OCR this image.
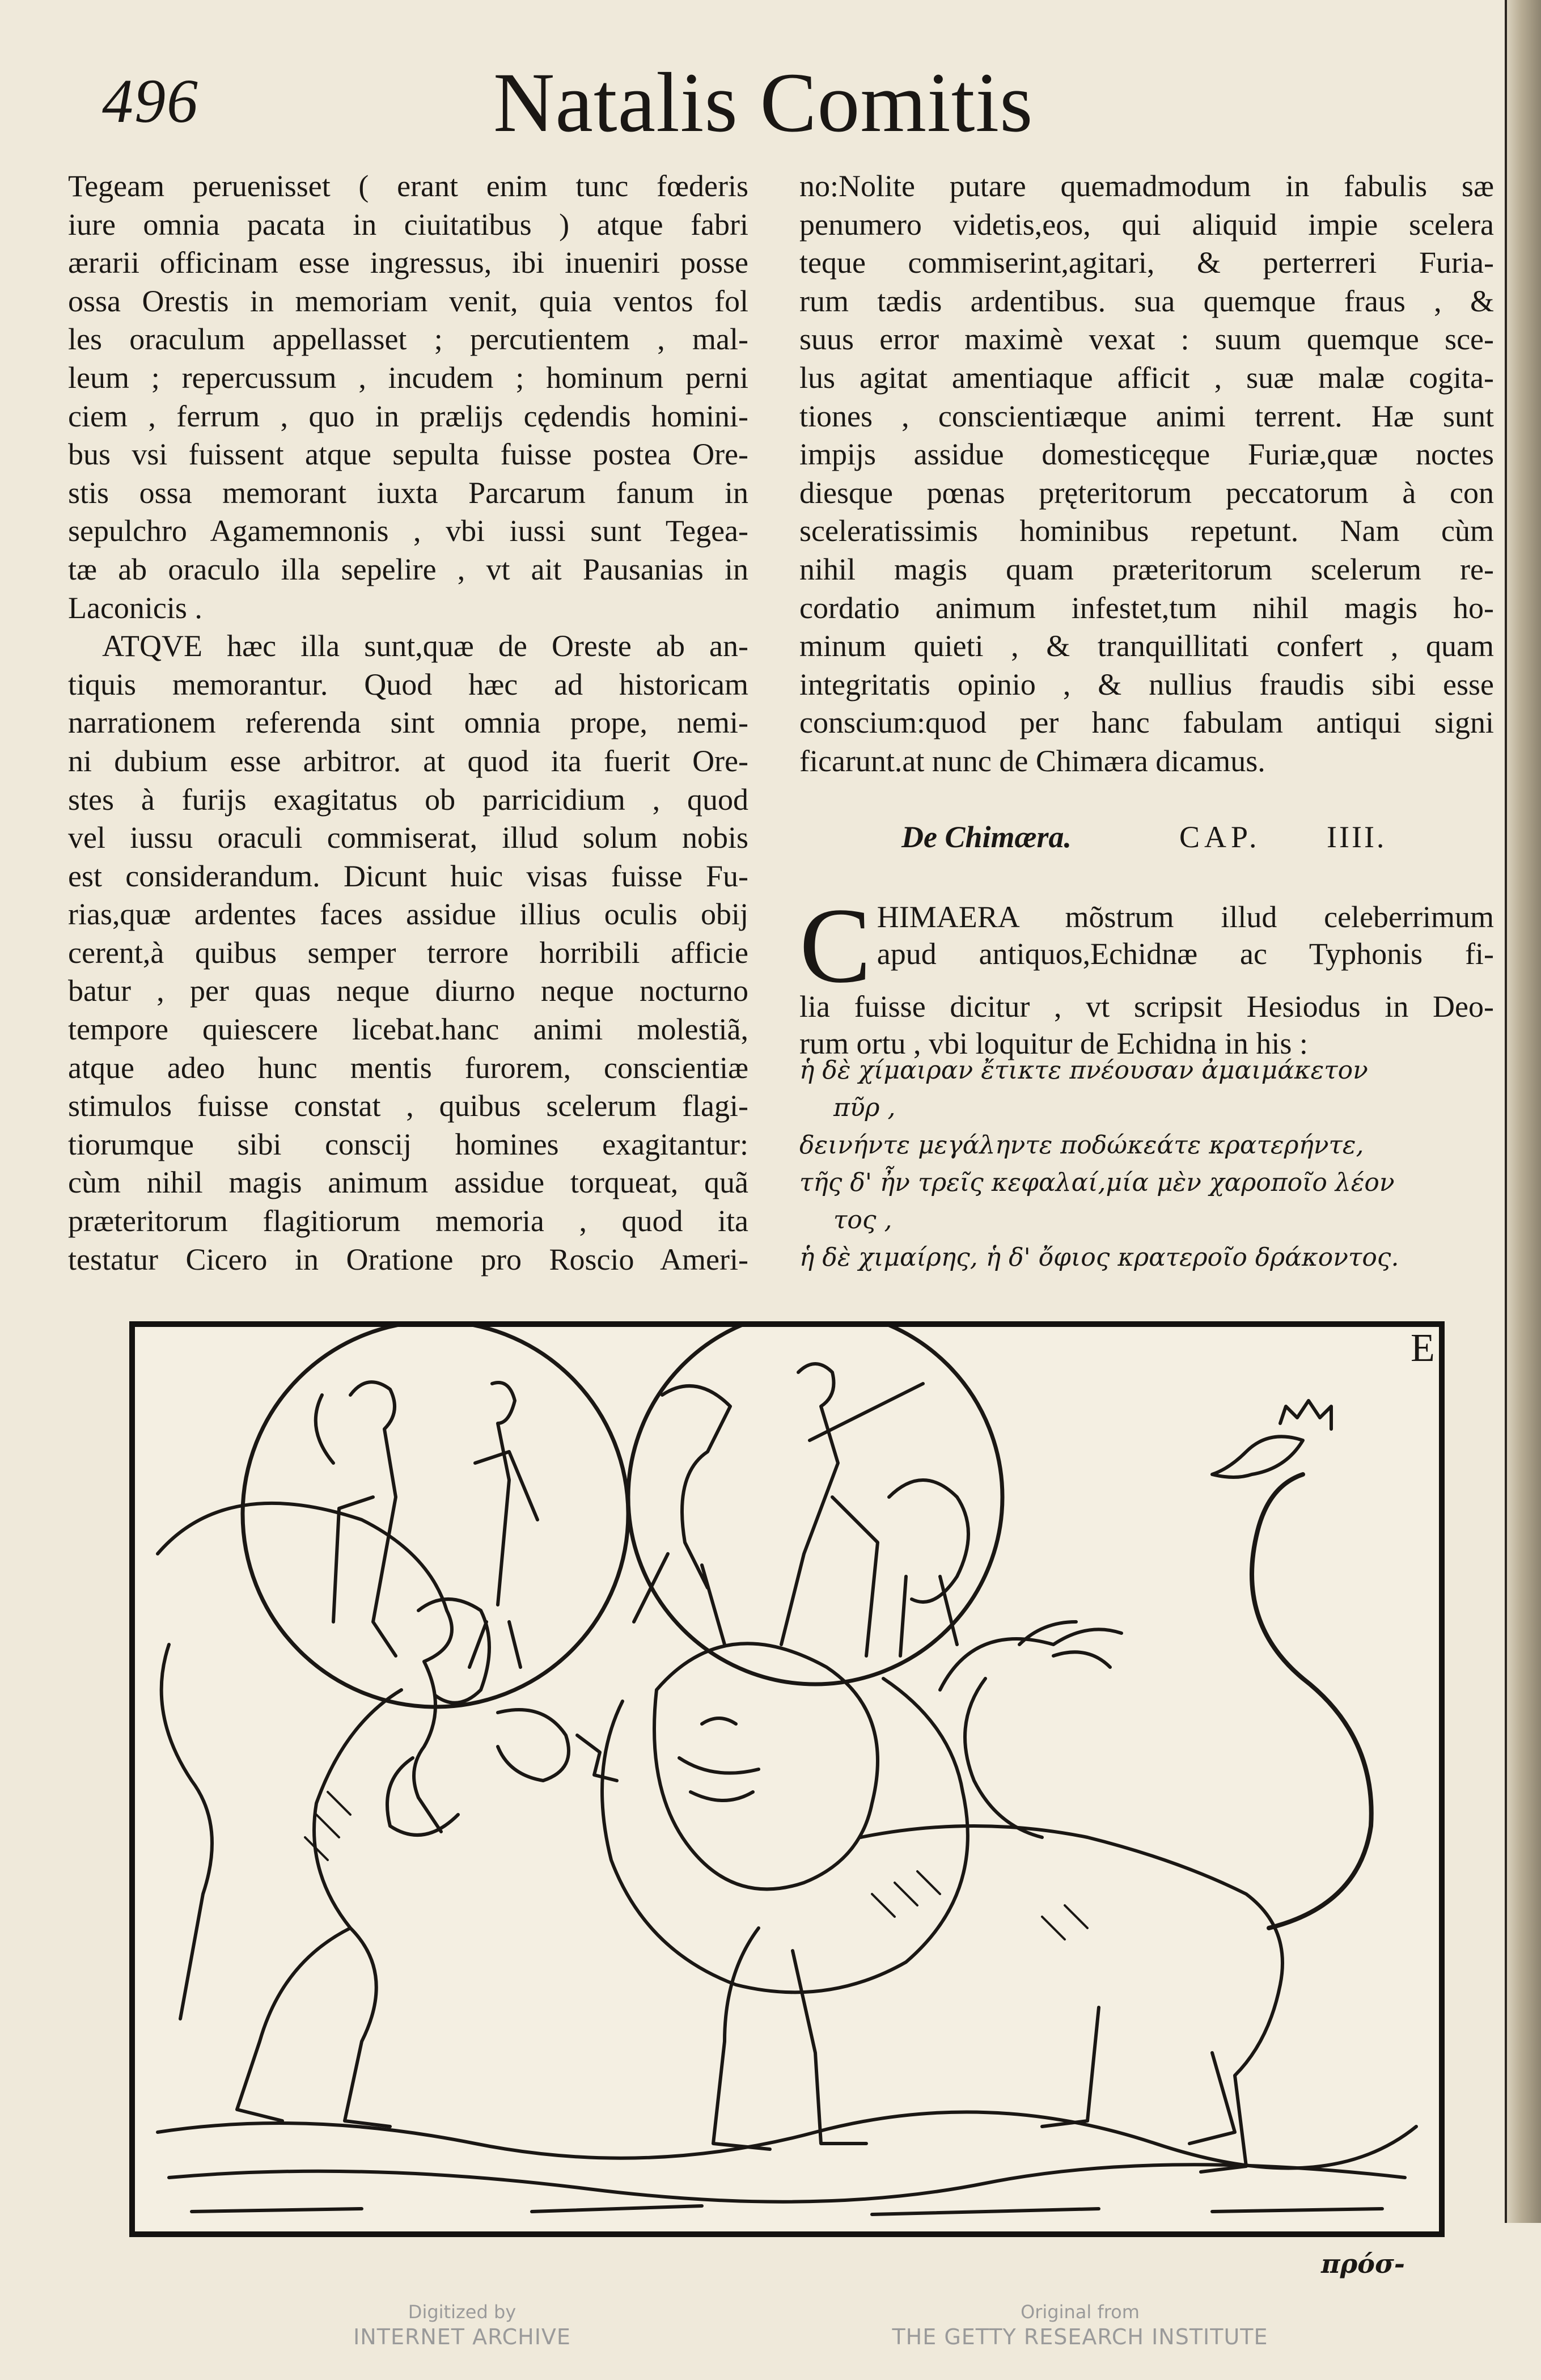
496	Natalis Comitis
Tegeam peruenisset ( erant enim tunc fœderis
iure omnia pacata in ciuitatibus ) atque fabri
ærarii officinam esse ingressus, ibi inueniri posse
ossa Orestis in memoriam venit, quia ventos fol
les oraculum appellasset ; percutientem , mal-
leum ; repercussum , incudem ; hominum perni
ciem , ferrum , quo in prælijs cędendis homini-
bus vsi fuissent atque sepulta fuisse postea Ore-
stis ossa memorant iuxta Parcarum fanum in
sepulchro Agamemnonis , vbi iussi sunt Tegeа-
tæ ab oraculo illa sepelire , vt ait Pausanias in
Laconicis .
ATQVE hæc illa sunt,quæ de Oreste ab an-
tiquis memorantur. Quod hæc ad historicam
narrationem referenda sint omnia prope, nemi-
ni dubium esse arbitror. at quod ita fuerit Ore-
stes à furijs exagitatus ob parricidium , quod
vel iussu oraculi commiserat, illud solum nobis
est considerandum. Dicunt huic visas fuisse Fu-
rias,quæ ardentes faces assidue illius oculis obij
cerent,à quibus semper terrore horribili afficie
batur , per quas neque diurno neque nocturno
tempore quiescere licebat.hanc animi molestiã,
atque adeo hunc mentis furorem, conscientiæ
stimulos fuisse constat , quibus scelerum flagi-
tiorumque sibi conscij homines exagitantur:
cùm nihil magis animum assidue torqueat, quã
præteritorum flagitiorum memoria , quod ita
testatur Cicero in Oratione pro Roscio Ameri-
no:Nolite putare quemadmodum in fabulis sæ
penumero videtis,eos, qui aliquid impie scelera
teque commiserint,agitari, & perterreri Furia-
rum tædis ardentibus. sua quemque fraus , &
suus error maximè vexat : suum quemque sce-
lus agitat amentiaque afficit , suæ malæ cogita-
tiones , conscientiæque animi terrent. Hæ sunt
impijs assidue domesticęque Furiæ,quæ noctes
diesque pœnas prętеritorum peccatorum à con
sceleratissimis hominibus repetunt. Nam cùm
nihil magis quam præteritorum scelerum re-
cordatio animum infestet,tum nihil magis ho-
minum quieti , & tranquillitati confert , quam
integritatis opinio , & nullius fraudis sibi esse
conscium:quod per hanc fabulam antiqui signi
ficarunt.at nunc de Chimæra dicamus.
De Chimæra.	CAP. IIII.
C HIMAERA mõstrum illud celeberrimum
apud antiquos,Echidnæ ac Typhonis fi-
lia fuisse dicitur , vt scripsit Hesiodus in Deo-
rum ortu , vbi loquitur de Echidna in his :
ἡ δὲ χίμαιραν ἔτικτε πνέουσαν ἀμαιμάκετον
πῦρ ,
δεινήντε μεγάληντε ποδώκεάτε κρατερήντε,
τῆς δ' ἦν τρεῖς κεφαλαί,μία μὲν χαροποῖο λέον
τος ,
ἡ δὲ χιμαίρης, ἡ δ' ὄφιος κρατεροῖο δράκοντος.
E
πρόσ-
Digitized by
INTERNET ARCHIVE
Original from
THE GETTY RESEARCH INSTITUTE
